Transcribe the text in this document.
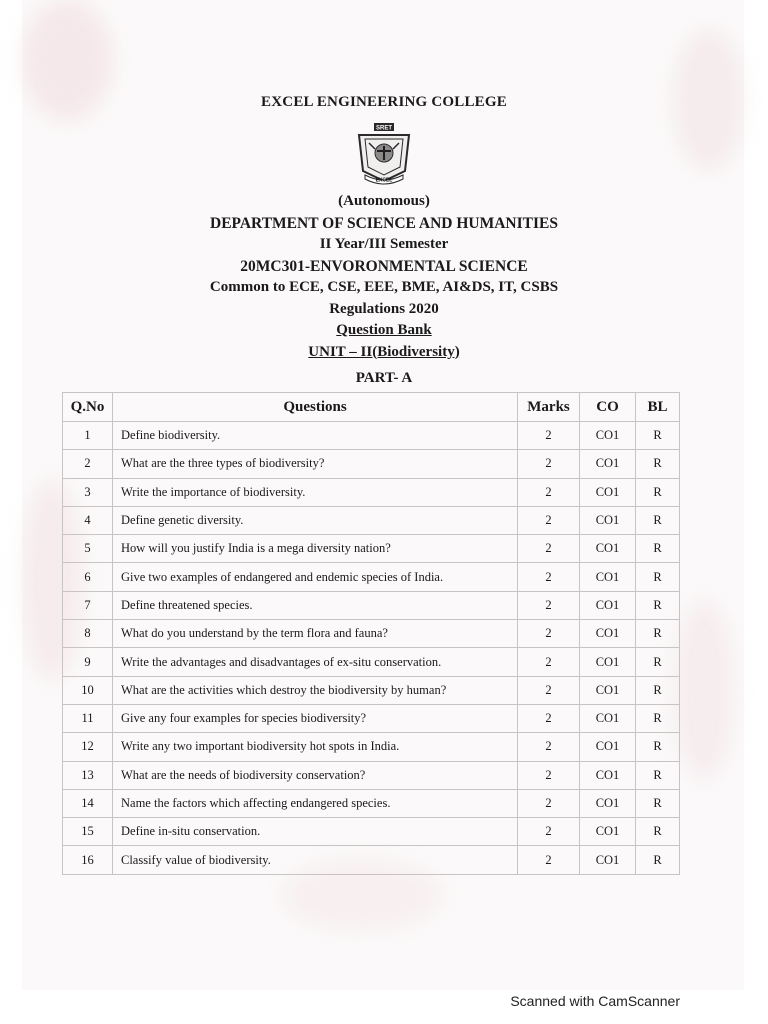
EXCEL ENGINEERING COLLEGE
SRET
EXCEL
(Autonomous)
DEPARTMENT OF SCIENCE AND HUMANITIES
II Year/III Semester
20MC301-ENVORONMENTAL SCIENCE
Common to ECE, CSE, EEE, BME, AI&DS, IT, CSBS
Regulations 2020
Question Bank
UNIT – II(Biodiversity)
PART- A
Q.No	Questions	Marks	CO	BL
1	Define biodiversity.	2	CO1	R
2	What are the three types of biodiversity?	2	CO1	R
3	Write the importance of biodiversity.	2	CO1	R
4	Define genetic diversity.	2	CO1	R
5	How will you justify India is a mega diversity nation?	2	CO1	R
6	Give two examples of endangered and endemic species of India.	2	CO1	R
7	Define threatened species.	2	CO1	R
8	What do you understand by the term flora and fauna?	2	CO1	R
9	Write the advantages and disadvantages of ex-situ conservation.	2	CO1	R
10	What are the activities which destroy the biodiversity by human?	2	CO1	R
11	Give any four examples for species biodiversity?	2	CO1	R
12	Write any two important biodiversity hot spots in India.	2	CO1	R
13	What are the needs of biodiversity conservation?	2	CO1	R
14	Name the factors which affecting endangered species.	2	CO1	R
15	Define in-situ conservation.	2	CO1	R
16	Classify value of biodiversity.	2	CO1	R
Scanned with CamScanner
